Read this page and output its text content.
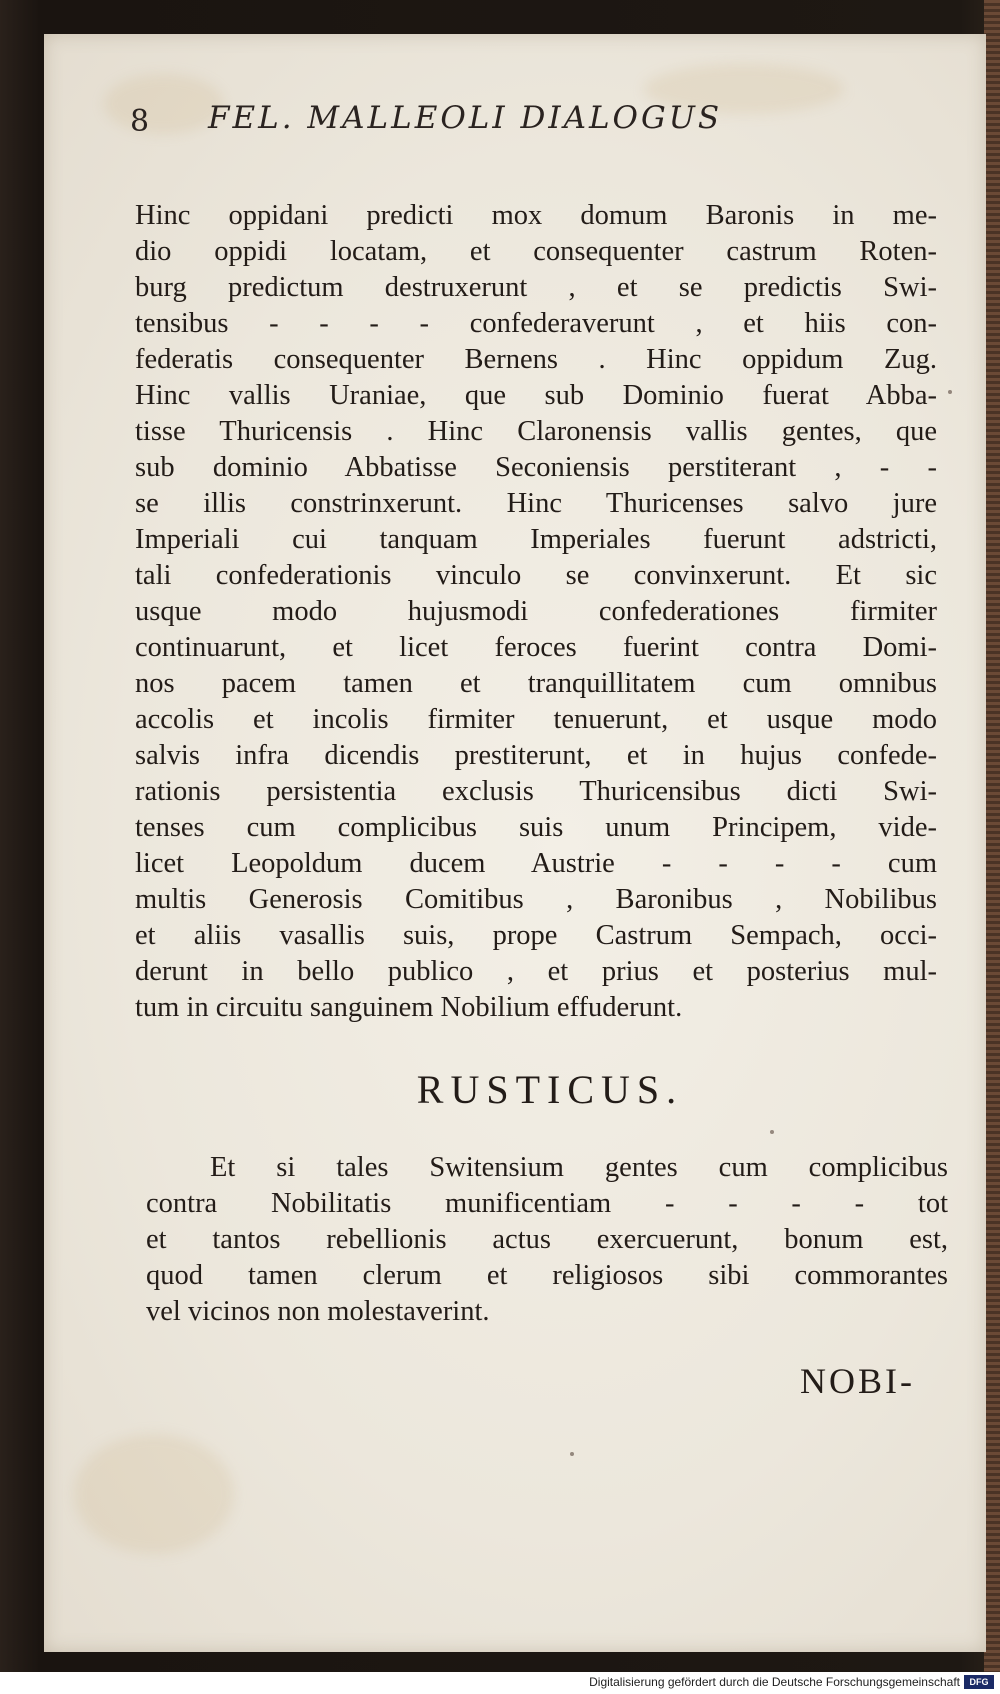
8 FEL. MALLEOLI DIALOGUS
Hinc oppidani predicti mox domum Baronis in me-
dio oppidi locatam, et consequenter castrum Roten-
burg predictum destruxerunt , et se predictis Swi-
tensibus - - - - confederaverunt , et hiis con-
federatis consequenter Bernens . Hinc oppidum Zug.
Hinc vallis Uraniae, que sub Dominio fuerat Abba-
tisse Thuricensis . Hinc Claronensis vallis gentes, que
sub dominio Abbatisse Seconiensis perstiterant , - -
se illis constrinxerunt. Hinc Thuricenses salvo jure
Imperiali cui tanquam Imperiales fuerunt adstricti,
tali confederationis vinculo se convinxerunt. Et sic
usque modo hujusmodi confederationes firmiter
continuarunt, et licet feroces fuerint contra Domi-
nos pacem tamen et tranquillitatem cum omnibus
accolis et incolis firmiter tenuerunt, et usque modo
salvis infra dicendis prestiterunt, et in hujus confede-
rationis persistentia exclusis Thuricensibus dicti Swi-
tenses cum complicibus suis unum Principem, vide-
licet Leopoldum ducem Austrie - - - - cum
multis Generosis Comitibus , Baronibus , Nobilibus
et aliis vasallis suis, prope Castrum Sempach, occi-
derunt in bello publico , et prius et posterius mul-
tum in circuitu sanguinem Nobilium effuderunt.
RUSTICUS.
Et si tales Switensium gentes cum complicibus
contra Nobilitatis munificentiam - - - - tot
et tantos rebellionis actus exercuerunt, bonum est,
quod tamen clerum et religiosos sibi commorantes
vel vicinos non molestaverint.
NOBI-
Digitalisierung gefördert durch die Deutsche Forschungsgemeinschaft	DFG
